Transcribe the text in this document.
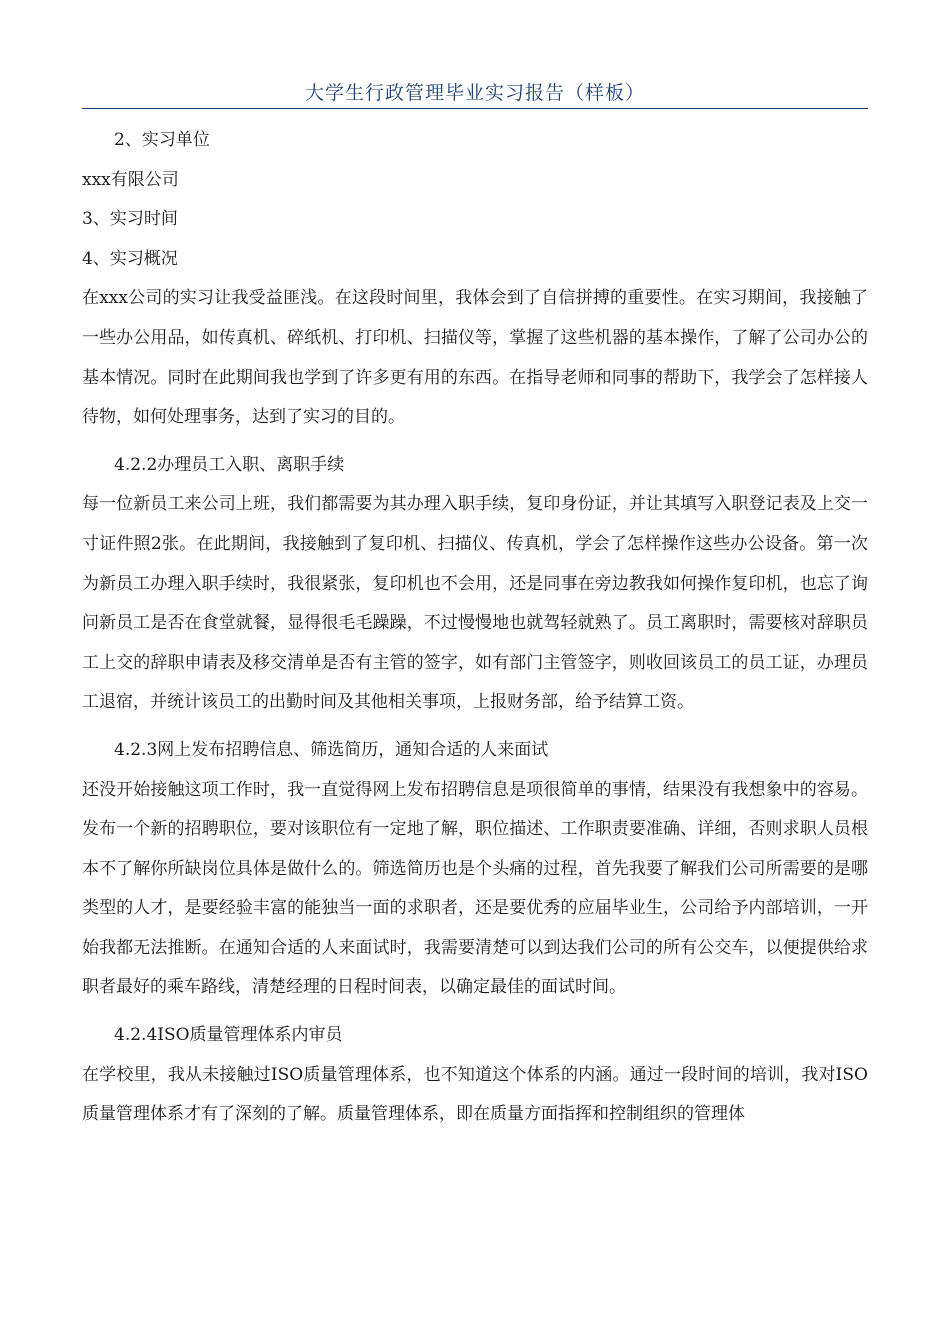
大学生行政管理毕业实习报告（样板）

2、实习单位

xxx有限公司

3、实习时间

4、实习概况

在xxx公司的实习让我受益匪浅。在这段时间里，我体会到了自信拼搏的重要性。在实习期间，我接触了一些办公用品，如传真机、碎纸机、打印机、扫描仪等，掌握了这些机器的基本操作，了解了公司办公的基本情况。同时在此期间我也学到了许多更有用的东西。在指导老师和同事的帮助下，我学会了怎样接人待物，如何处理事务，达到了实习的目的。

4.2.2办理员工入职、离职手续

每一位新员工来公司上班，我们都需要为其办理入职手续，复印身份证，并让其填写入职登记表及上交一寸证件照2张。在此期间，我接触到了复印机、扫描仪、传真机，学会了怎样操作这些办公设备。第一次为新员工办理入职手续时，我很紧张，复印机也不会用，还是同事在旁边教我如何操作复印机，也忘了询问新员工是否在食堂就餐，显得很毛毛躁躁，不过慢慢地也就驾轻就熟了。员工离职时，需要核对辞职员工上交的辞职申请表及移交清单是否有主管的签字，如有部门主管签字，则收回该员工的员工证，办理员工退宿，并统计该员工的出勤时间及其他相关事项，上报财务部，给予结算工资。

4.2.3网上发布招聘信息、筛选简历，通知合适的人来面试

还没开始接触这项工作时，我一直觉得网上发布招聘信息是项很简单的事情，结果没有我想象中的容易。发布一个新的招聘职位，要对该职位有一定地了解，职位描述、工作职责要准确、详细，否则求职人员根本不了解你所缺岗位具体是做什么的。筛选简历也是个头痛的过程，首先我要了解我们公司所需要的是哪类型的人才，是要经验丰富的能独当一面的求职者，还是要优秀的应届毕业生，公司给予内部培训，一开始我都无法推断。在通知合适的人来面试时，我需要清楚可以到达我们公司的所有公交车，以便提供给求职者最好的乘车路线，清楚经理的日程时间表，以确定最佳的面试时间。

4.2.4ISO质量管理体系内审员

在学校里，我从未接触过ISO质量管理体系，也不知道这个体系的内涵。通过一段时间的培训，我对ISO质量管理体系才有了深刻的了解。质量管理体系，即在质量方面指挥和控制组织的管理体
